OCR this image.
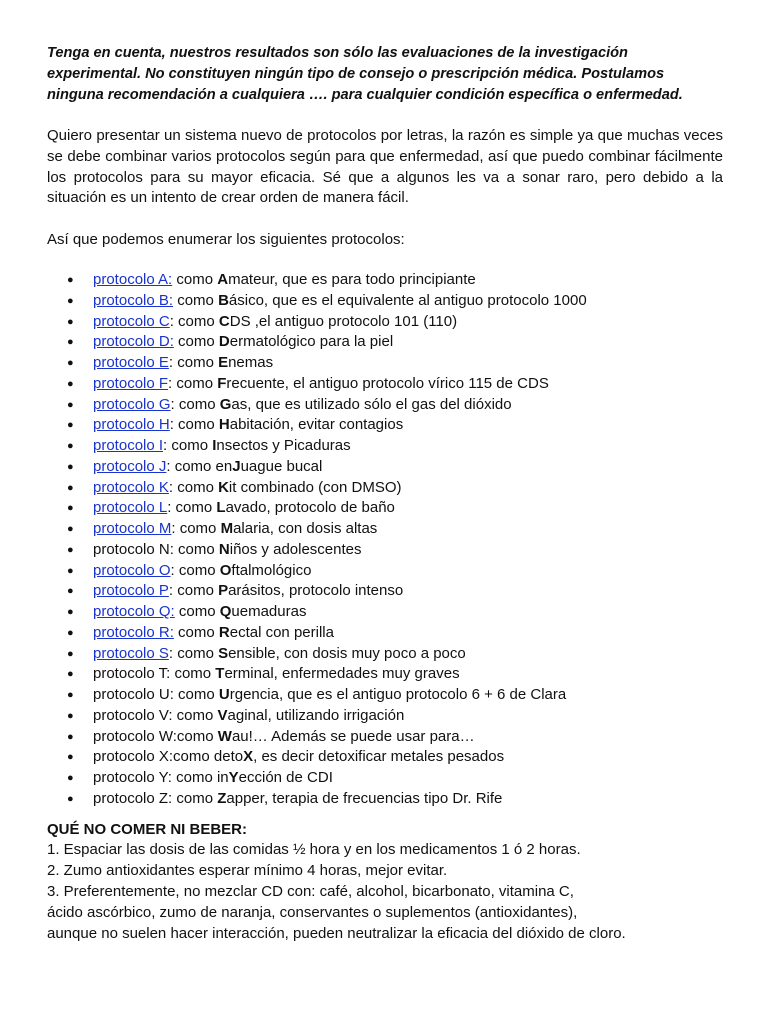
Tenga en cuenta, nuestros resultados son sólo las evaluaciones de la investigación experimental. No constituyen ningún tipo de consejo o prescripción médica. Postulamos ninguna recomendación a cualquiera …. para cualquier condición específica o enfermedad.

Quiero presentar un sistema nuevo de protocolos por letras, la razón es simple ya que muchas veces se debe combinar varios protocolos según para que enfermedad, así que puedo combinar fácilmente los protocolos para su mayor eficacia. Sé que a algunos les va a sonar raro, pero debido a la situación es un intento de crear orden de manera fácil.

Así que podemos enumerar los siguientes protocolos:

● protocolo A: como Amateur, que es para todo principiante
● protocolo B: como Básico, que es el equivalente al antiguo protocolo 1000
● protocolo C: como CDS ,el antiguo protocolo 101 (110)
● protocolo D: como Dermatológico para la piel
● protocolo E: como Enemas
● protocolo F: como Frecuente, el antiguo protocolo vírico 115 de CDS
● protocolo G: como Gas, que es utilizado sólo el gas del dióxido
● protocolo H: como Habitación, evitar contagios
● protocolo I: como Insectos y Picaduras
● protocolo J: como enJuague bucal
● protocolo K: como Kit combinado (con DMSO)
● protocolo L: como Lavado, protocolo de baño
● protocolo M: como Malaria, con dosis altas
● protocolo N: como Niños y adolescentes
● protocolo O: como Oftalmológico
● protocolo P: como Parásitos, protocolo intenso
● protocolo Q: como Quemaduras
● protocolo R: como Rectal con perilla
● protocolo S: como Sensible, con dosis muy poco a poco
● protocolo T: como Terminal, enfermedades muy graves
● protocolo U: como Urgencia, que es el antiguo protocolo 6 + 6 de Clara
● protocolo V: como Vaginal, utilizando irrigación
● protocolo W:como Wau!… Además se puede usar para…
● protocolo X:como detoX, es decir detoxificar metales pesados
● protocolo Y: como inYección de CDI
● protocolo Z: como Zapper, terapia de frecuencias tipo Dr. Rife

QUÉ NO COMER NI BEBER:

1. Espaciar las dosis de las comidas ½ hora y en los medicamentos 1 ó 2 horas.

2. Zumo antioxidantes esperar mínimo 4 horas, mejor evitar.

3. Preferentemente, no mezclar CD con: café, alcohol, bicarbonato, vitamina C,

ácido ascórbico, zumo de naranja, conservantes o suplementos (antioxidantes),

aunque no suelen hacer interacción, pueden neutralizar la eficacia del dióxido de cloro.
